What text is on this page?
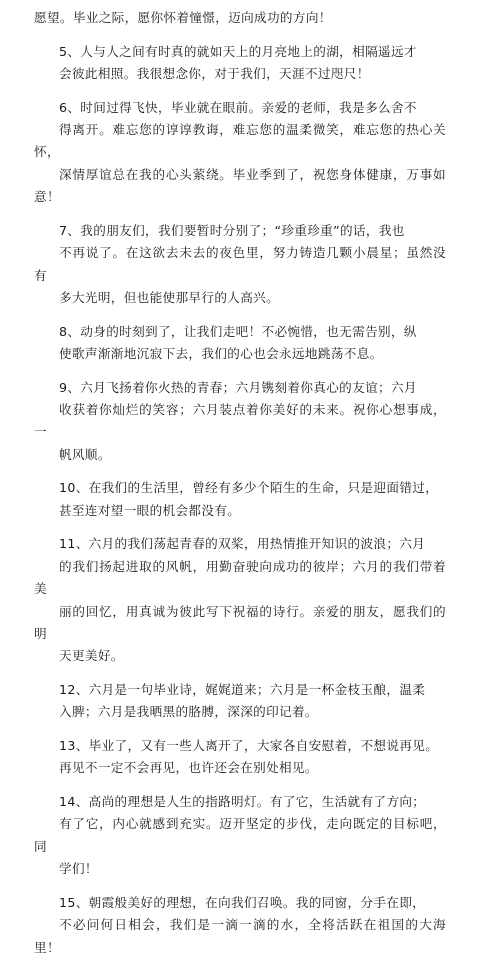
愿望。毕业之际，愿你怀着憧憬，迈向成功的方向！

5、人与人之间有时真的就如天上的月亮地上的湖，相隔遥远才
会彼此相照。我很想念你，对于我们，天涯不过咫尺！

6、时间过得飞快，毕业就在眼前。亲爱的老师，我是多么舍不
得离开。难忘您的谆谆教诲，难忘您的温柔微笑，难忘您的热心关怀，
深情厚谊总在我的心头萦绕。毕业季到了，祝您身体健康，万事如意！

7、我的朋友们，我们要暂时分别了；“珍重珍重”的话，我也
不再说了。在这欲去未去的夜色里，努力铸造几颗小晨星；虽然没有
多大光明，但也能使那早行的人高兴。

8、动身的时刻到了，让我们走吧！不必惋惜，也无需告别，纵
使歌声渐渐地沉寂下去，我们的心也会永远地跳荡不息。

9、六月飞扬着你火热的青春；六月镌刻着你真心的友谊；六月
收获着你灿烂的笑容；六月装点着你美好的未来。祝你心想事成，一
帆风顺。

10、在我们的生活里，曾经有多少个陌生的生命，只是迎面错过，
甚至连对望一眼的机会都没有。

11、六月的我们荡起青春的双桨，用热情推开知识的波浪；六月
的我们扬起进取的风帆，用勤奋驶向成功的彼岸；六月的我们带着美
丽的回忆，用真诚为彼此写下祝福的诗行。亲爱的朋友，愿我们的明
天更美好。

12、六月是一句毕业诗，娓娓道来；六月是一杯金枝玉酿，温柔
入脾；六月是我晒黑的胳膊，深深的印记着。

13、毕业了，又有一些人离开了，大家各自安慰着，不想说再见。
再见不一定不会再见，也许还会在别处相见。

14、高尚的理想是人生的指路明灯。有了它，生活就有了方向；
有了它，内心就感到充实。迈开坚定的步伐，走向既定的目标吧，同
学们！

15、朝霞般美好的理想，在向我们召唤。我的同窗，分手在即，
不必问何日相会，我们是一滴一滴的水，全将活跃在祖国的大海里！
